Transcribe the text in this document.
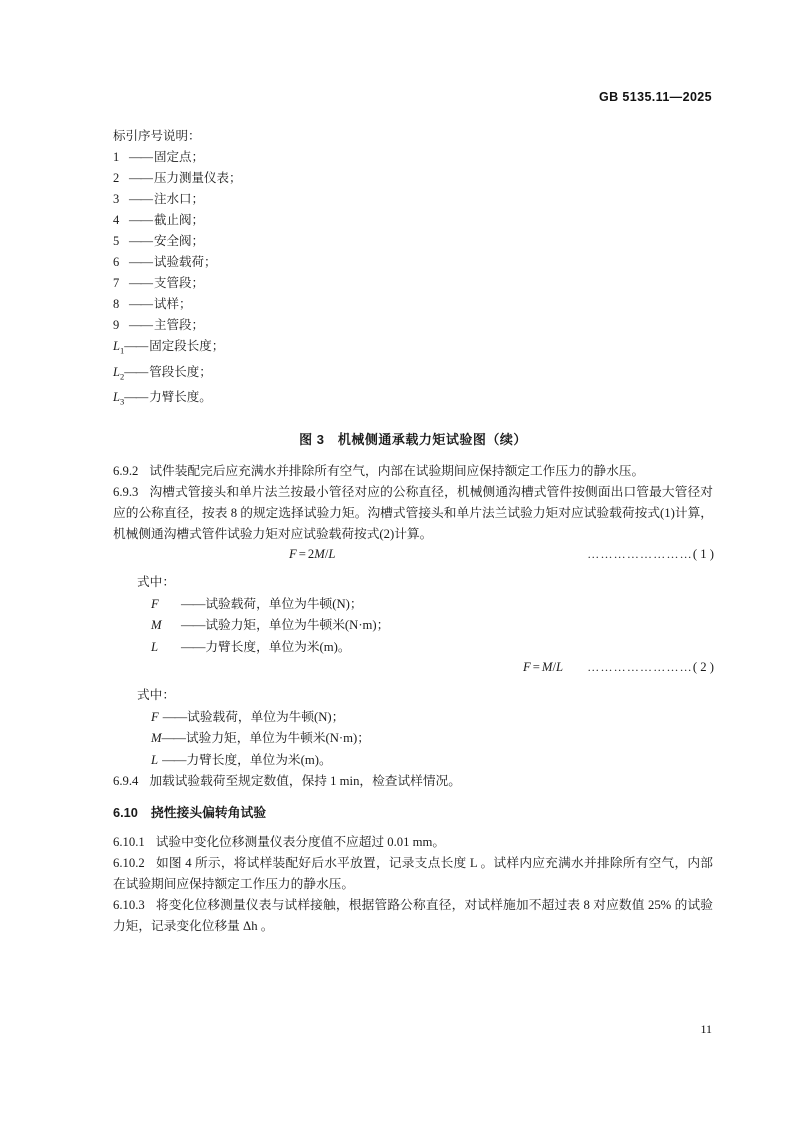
GB 5135.11—2025
标引序号说明：
1 —— 固定点；
2 —— 压力测量仪表；
3 —— 注水口；
4 —— 截止阀；
5 —— 安全阀；
6 —— 试验载荷；
7 —— 支管段；
8 —— 试样；
9 —— 主管段；
$L_1$ —— 固定段长度；
$L_2$ —— 管段长度；
$L_3$ —— 力臂长度。
图 3　机械侧通承载力矩试验图（续）

6.9.2 试件装配完后应充满水并排除所有空气，内部在试验期间应保持额定工作压力的静水压。

6.9.3 沟槽式管接头和单片法兰按最小管径对应的公称直径，机械侧通沟槽式管件按侧面出口管最大管径对应的公称直径，按表 8 的规定选择试验力矩。沟槽式管接头和单片法兰试验力矩对应试验载荷按式(1)计算，机械侧通沟槽式管件试验力矩对应试验载荷按式(2)计算。

F = 2M/L	……………………( 1 )
式中：
F	—— 试验载荷，单位为牛顿(N)；
M	—— 试验力矩，单位为牛顿米(N·m)；
L	—— 力臂长度，单位为米(m)。
F = M/L ……………………( 2 )
式中：
F —— 试验载荷，单位为牛顿(N)；
M —— 试验力矩，单位为牛顿米(N·m)；
L —— 力臂长度，单位为米(m)。

6.9.4 加载试验载荷至规定数值，保持 1 min，检查试样情况。

6.10 挠性接头偏转角试验

6.10.1 试验中变化位移测量仪表分度值不应超过 0.01 mm。

6.10.2 如图 4 所示，将试样装配好后水平放置，记录支点长度 L 。试样内应充满水并排除所有空气，内部在试验期间应保持额定工作压力的静水压。

6.10.3 将变化位移测量仪表与试样接触，根据管路公称直径，对试样施加不超过表 8 对应数值 25% 的试验力矩，记录变化位移量 Δh 。

11
